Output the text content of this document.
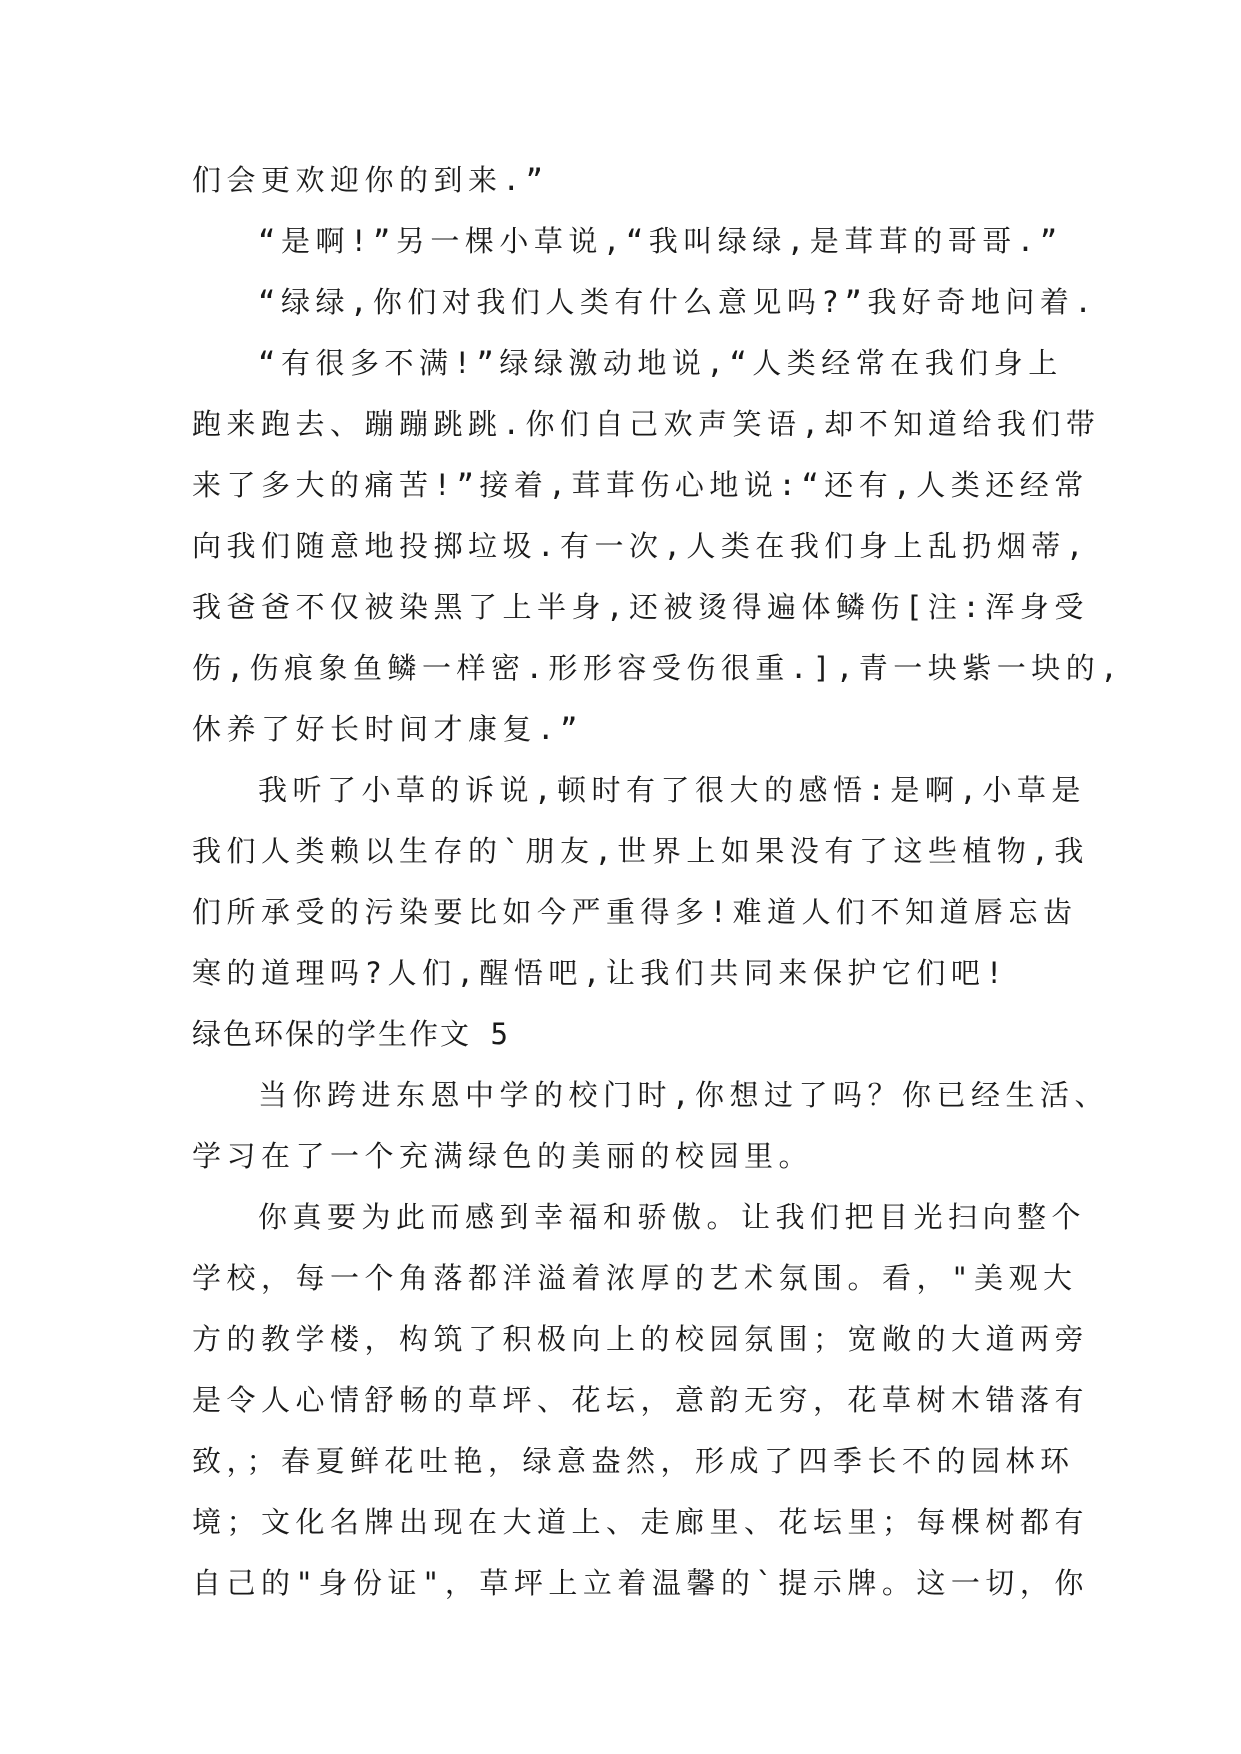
们会更欢迎你的到来.”
“是啊!”另一棵小草说,“我叫绿绿,是茸茸的哥哥.”
“绿绿,你们对我们人类有什么意见吗?”我好奇地问着.
“有很多不满!”绿绿激动地说,“人类经常在我们身上
跑来跑去、蹦蹦跳跳.你们自己欢声笑语,却不知道给我们带
来了多大的痛苦!”接着,茸茸伤心地说:“还有,人类还经常
向我们随意地投掷垃圾.有一次,人类在我们身上乱扔烟蒂,
我爸爸不仅被染黑了上半身,还被烫得遍体鳞伤[注:浑身受
伤,伤痕象鱼鳞一样密.形形容受伤很重.],青一块紫一块的,
休养了好长时间才康复.”
我听了小草的诉说,顿时有了很大的感悟:是啊,小草是
我们人类赖以生存的`朋友,世界上如果没有了这些植物,我
们所承受的污染要比如今严重得多!难道人们不知道唇忘齿
寒的道理吗?人们,醒悟吧,让我们共同来保护它们吧!
绿色环保的学生作文 5
当你跨进东恩中学的校门时,你想过了吗？你已经生活、
学习在了一个充满绿色的美丽的校园里。
你真要为此而感到幸福和骄傲。让我们把目光扫向整个
学校，每一个角落都洋溢着浓厚的艺术氛围。看，"美观大
方的教学楼，构筑了积极向上的校园氛围；宽敞的大道两旁
是令人心情舒畅的草坪、花坛，意韵无穷，花草树木错落有
致，；春夏鲜花吐艳，绿意盎然，形成了四季长不的园林环
境；文化名牌出现在大道上、走廊里、花坛里；每棵树都有
自己的"身份证"，草坪上立着温馨的`提示牌。这一切，你
